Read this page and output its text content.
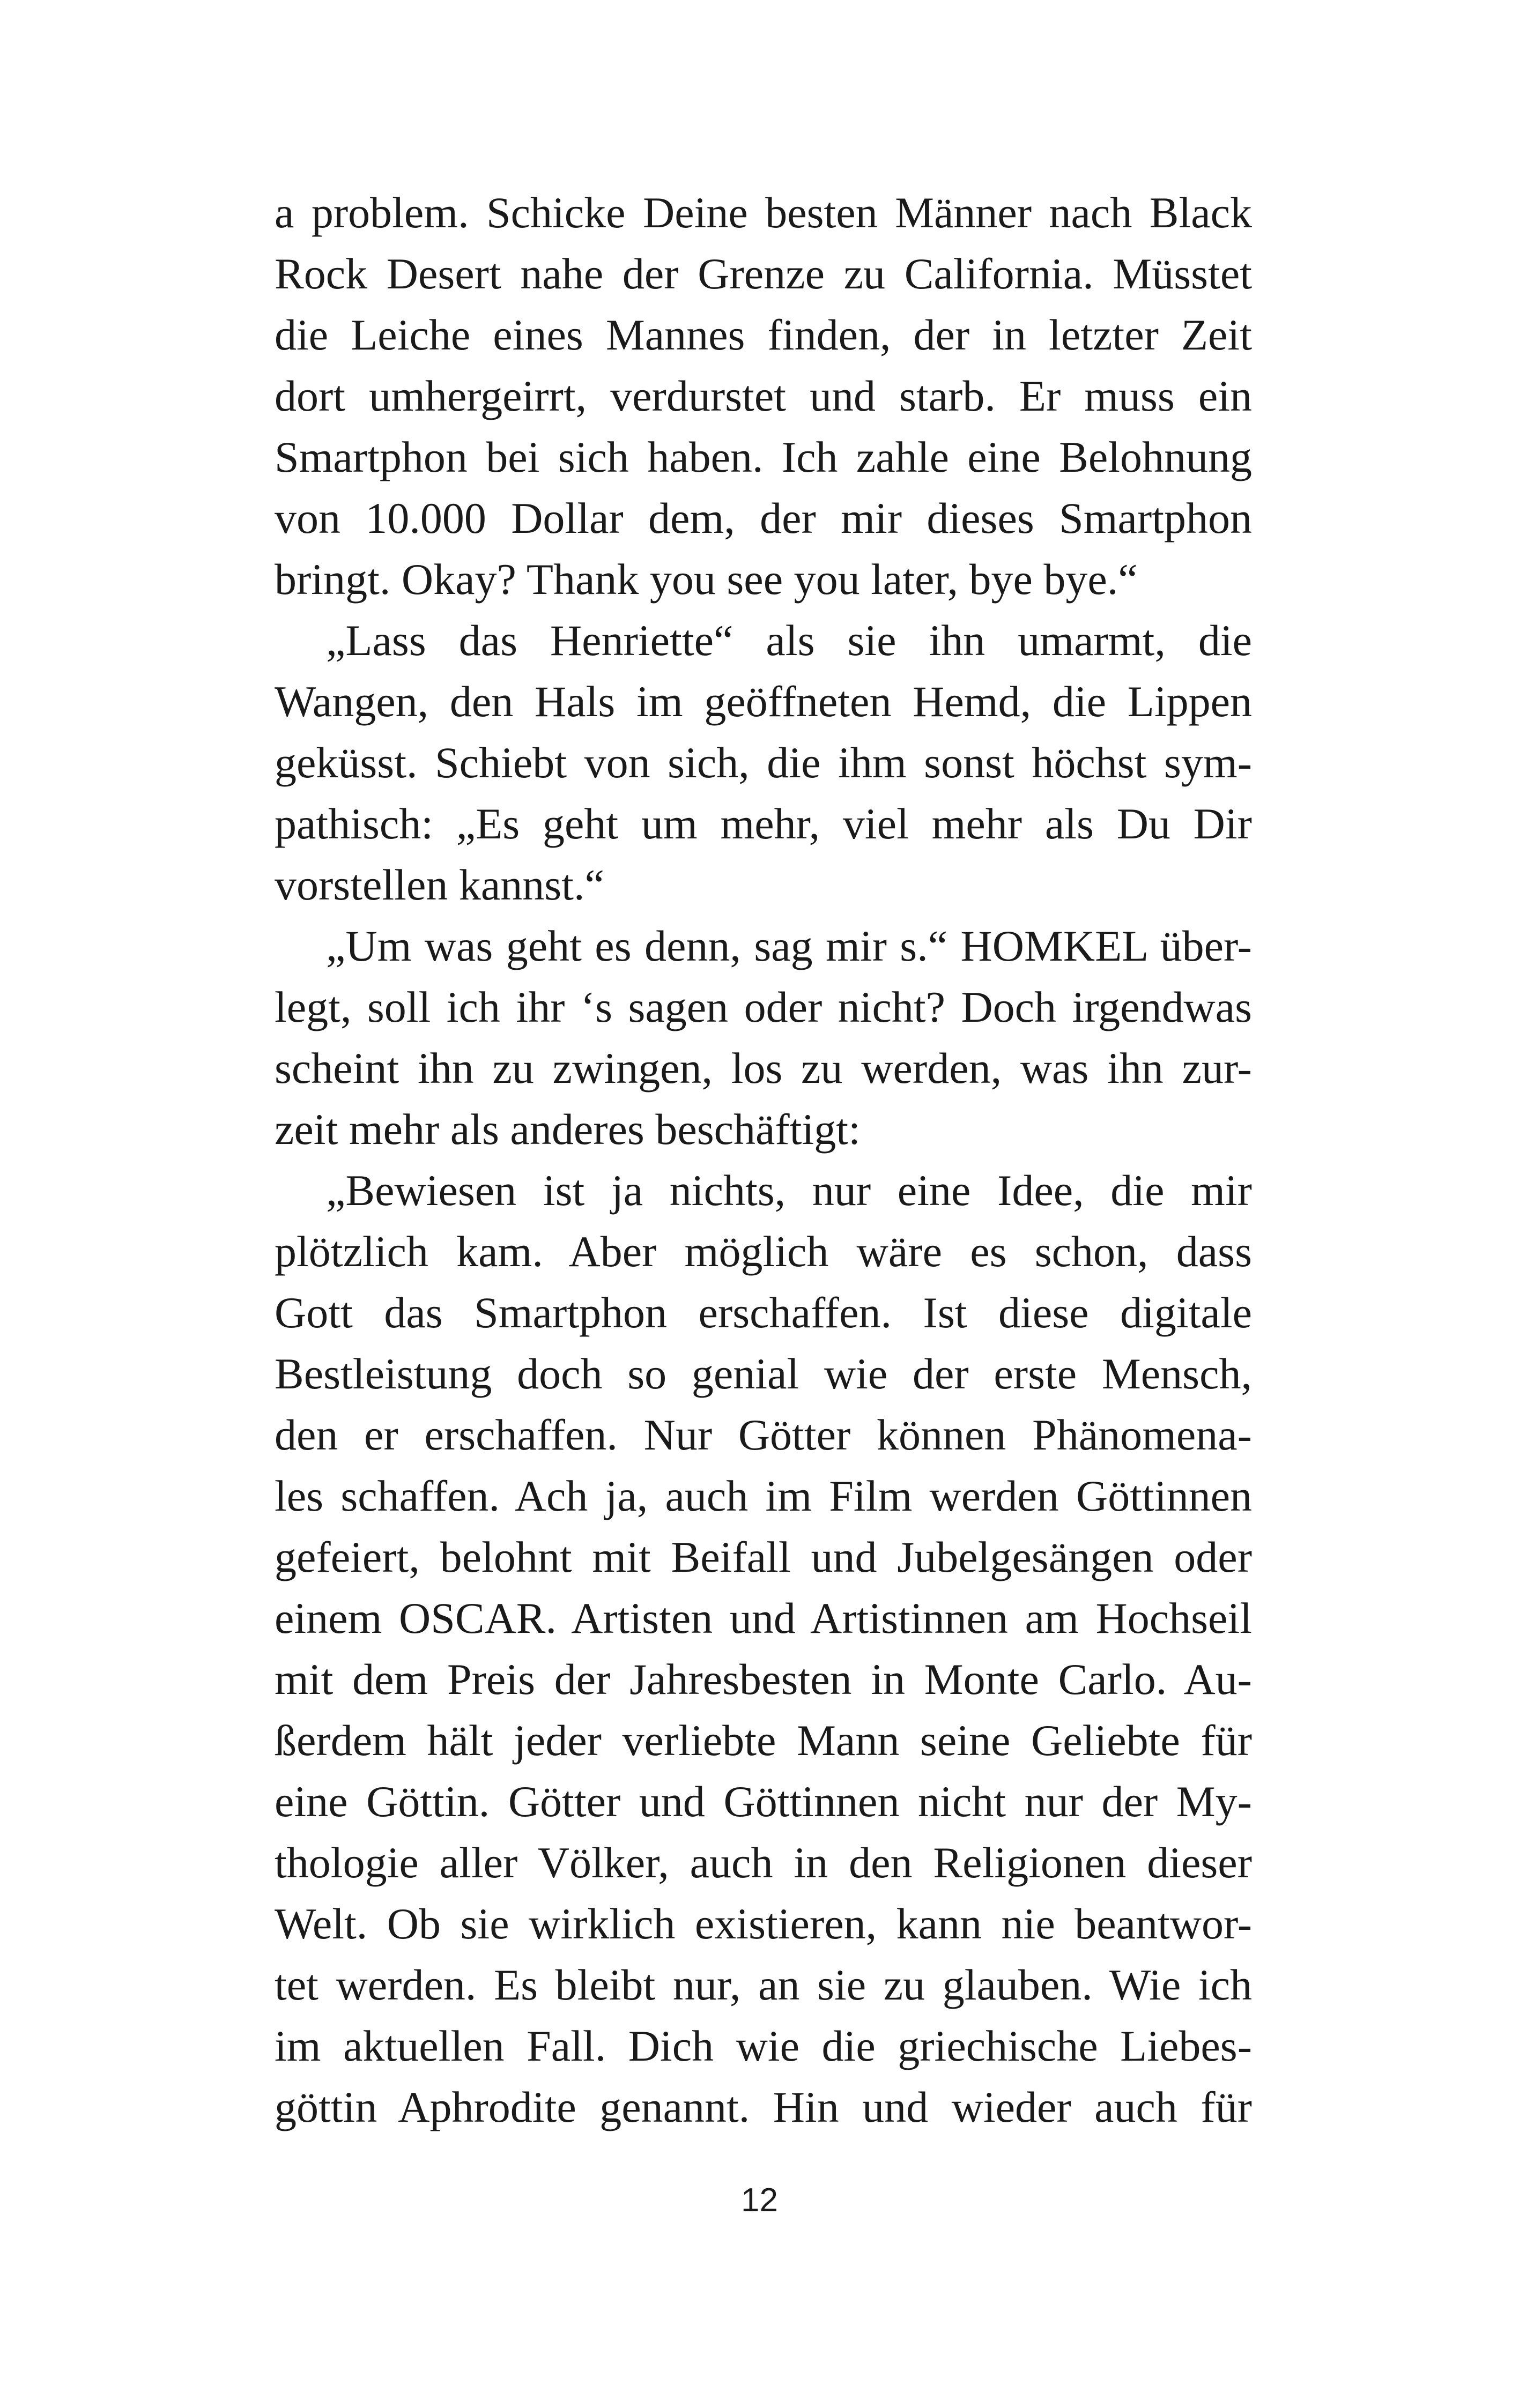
a problem. Schicke Deine besten Männer nach Black
Rock Desert nahe der Grenze zu California. Müsstet
die Leiche eines Mannes finden, der in letzter Zeit
dort umhergeirrt, verdurstet und starb. Er muss ein
Smartphon bei sich haben. Ich zahle eine Belohnung
von 10.000 Dollar dem, der mir dieses Smartphon
bringt. Okay? Thank you see you later, bye bye.“
„Lass das Henriette“ als sie ihn umarmt, die
Wangen, den Hals im geöffneten Hemd, die Lippen
geküsst. Schiebt von sich, die ihm sonst höchst sym-
pathisch: „Es geht um mehr, viel mehr als Du Dir
vorstellen kannst.“
„Um was geht es denn, sag mir s.“ HOMKEL über-
legt, soll ich ihr ‘s sagen oder nicht? Doch irgendwas
scheint ihn zu zwingen, los zu werden, was ihn zur-
zeit mehr als anderes beschäftigt:
„Bewiesen ist ja nichts, nur eine Idee, die mir
plötzlich kam. Aber möglich wäre es schon, dass
Gott das Smartphon erschaffen. Ist diese digitale
Bestleistung doch so genial wie der erste Mensch,
den er erschaffen. Nur Götter können Phänomena-
les schaffen. Ach ja, auch im Film werden Göttinnen
gefeiert, belohnt mit Beifall und Jubelgesängen oder
einem OSCAR. Artisten und Artistinnen am Hochseil
mit dem Preis der Jahresbesten in Monte Carlo. Au-
ßerdem hält jeder verliebte Mann seine Geliebte für
eine Göttin. Götter und Göttinnen nicht nur der My-
thologie aller Völker, auch in den Religionen dieser
Welt. Ob sie wirklich existieren, kann nie beantwor-
tet werden. Es bleibt nur, an sie zu glauben. Wie ich
im aktuellen Fall. Dich wie die griechische Liebes-
göttin Aphrodite genannt. Hin und wieder auch für
12
